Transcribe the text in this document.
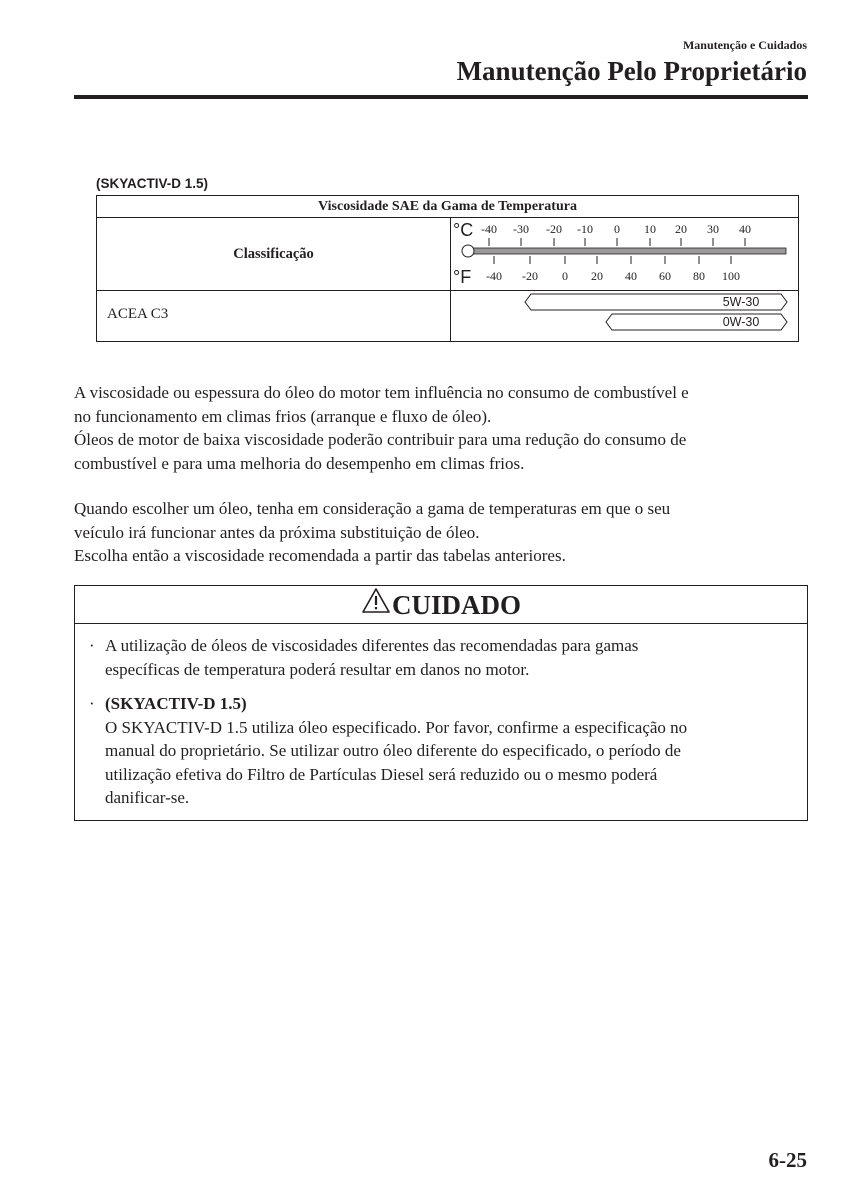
Manutenção e Cuidados
Manutenção Pelo Proprietário
(SKYACTIV-D 1.5)
Viscosidade SAE da Gama de Temperatura
Classificação
ACEA C3
°C
°F
-40 -30 -20 -10 0 10 20 30 40
-40 -20 0 20 40 60 80 100
5W-30
0W-30
A viscosidade ou espessura do óleo do motor tem influência no consumo de combustível e
no funcionamento em climas frios (arranque e fluxo de óleo).
Óleos de motor de baixa viscosidade poderão contribuir para uma redução do consumo de
combustível e para uma melhoria do desempenho em climas frios.
Quando escolher um óleo, tenha em consideração a gama de temperaturas em que o seu
veículo irá funcionar antes da próxima substituição de óleo.
Escolha então a viscosidade recomendada a partir das tabelas anteriores.
CUIDADO
· A utilização de óleos de viscosidades diferentes das recomendadas para gamas
específicas de temperatura poderá resultar em danos no motor.
· (SKYACTIV-D 1.5)
O SKYACTIV-D 1.5 utiliza óleo especificado. Por favor, confirme a especificação no
manual do proprietário. Se utilizar outro óleo diferente do especificado, o período de
utilização efetiva do Filtro de Partículas Diesel será reduzido ou o mesmo poderá
danificar-se.
6-25
